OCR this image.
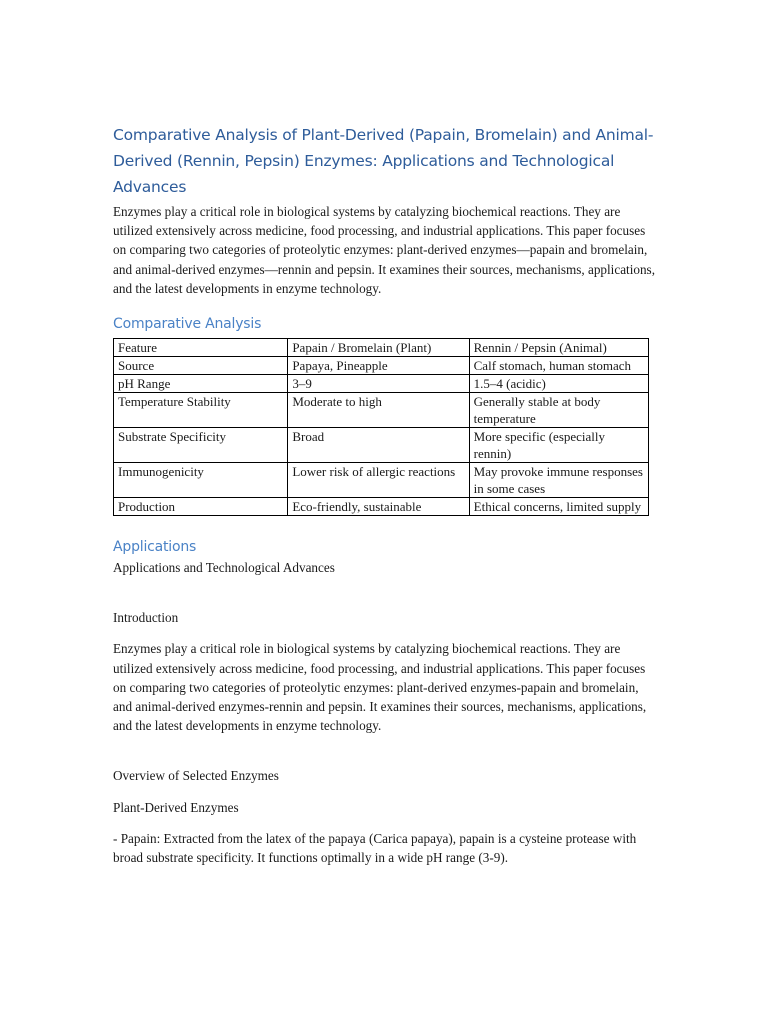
Comparative Analysis of Plant-Derived (Papain, Bromelain) and Animal-Derived (Rennin, Pepsin) Enzymes: Applications and Technological Advances

Enzymes play a critical role in biological systems by catalyzing biochemical reactions. They are utilized extensively across medicine, food processing, and industrial applications. This paper focuses on comparing two categories of proteolytic enzymes: plant-derived enzymes—papain and bromelain, and animal-derived enzymes—rennin and pepsin. It examines their sources, mechanisms, applications, and the latest developments in enzyme technology.

Comparative Analysis
Feature	Papain / Bromelain (Plant)	Rennin / Pepsin (Animal)
Source	Papaya, Pineapple	Calf stomach, human stomach
pH Range	3–9	1.5–4 (acidic)
Temperature Stability	Moderate to high	Generally stable at body temperature
Substrate Specificity	Broad	More specific (especially rennin)
Immunogenicity	Lower risk of allergic reactions	May provoke immune responses in some cases
Production	Eco-friendly, sustainable	Ethical concerns, limited supply
Applications

Applications and Technological Advances

Introduction

Enzymes play a critical role in biological systems by catalyzing biochemical reactions. They are utilized extensively across medicine, food processing, and industrial applications. This paper focuses on comparing two categories of proteolytic enzymes: plant-derived enzymes-papain and bromelain, and animal-derived enzymes-rennin and pepsin. It examines their sources, mechanisms, applications, and the latest developments in enzyme technology.

Overview of Selected Enzymes

Plant-Derived Enzymes

- Papain: Extracted from the latex of the papaya (Carica papaya), papain is a cysteine protease with broad substrate specificity. It functions optimally in a wide pH range (3-9).
